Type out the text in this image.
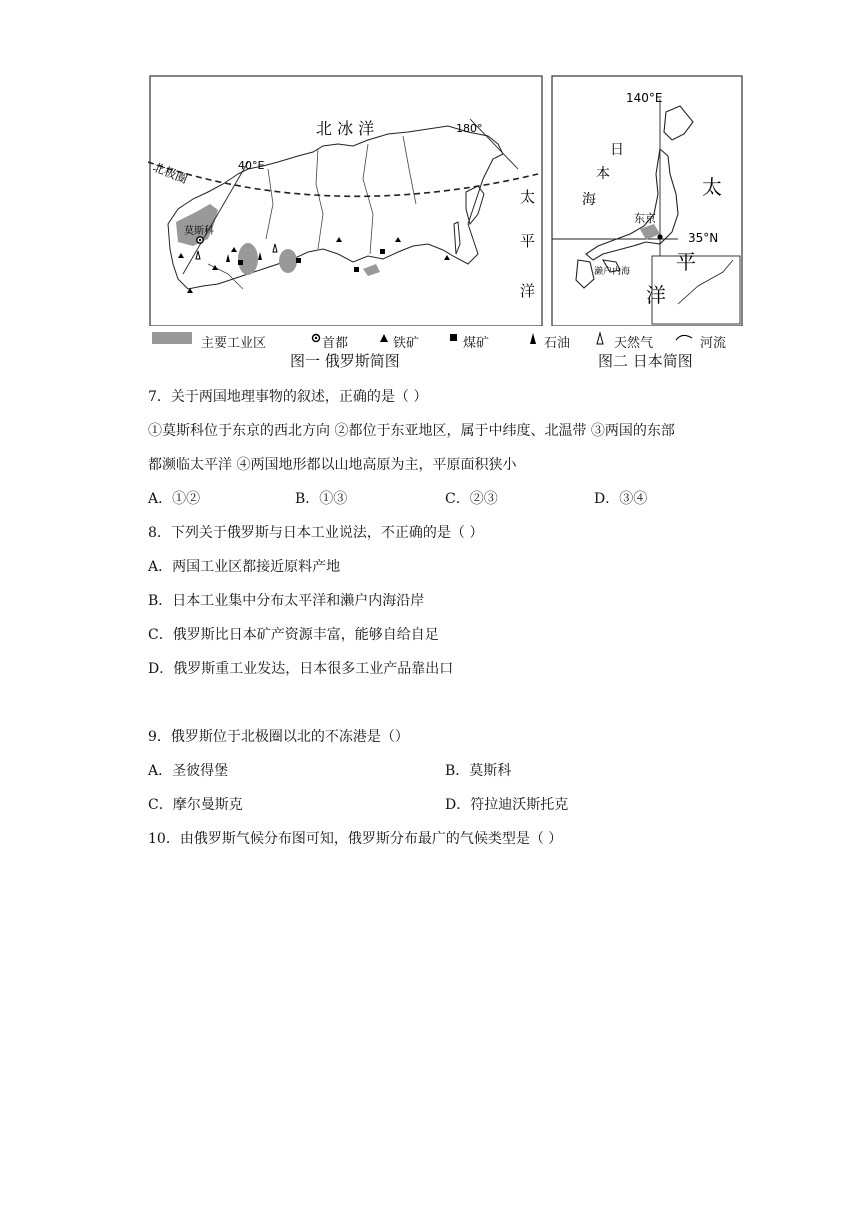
北 冰 洋
北极圈	40°E
180°
莫斯科
太
平
洋
140°E
35°N
日
本
海
太
平
洋
东京
濑户内海
主要工业区	首都	铁矿	煤矿	石油	天然气	河流
图一 俄罗斯简图	图二 日本简图
7．关于两国地理事物的叙述，正确的是（ ）
①莫斯科位于东京的西北方向 ②都位于东亚地区，属于中纬度、北温带 ③两国的东部
都濒临太平洋 ④两国地形都以山地高原为主，平原面积狭小
A．①②	B．①③	C．②③	D．③④
8．下列关于俄罗斯与日本工业说法，不正确的是（ ）
A．两国工业区都接近原料产地
B．日本工业集中分布太平洋和濑户内海沿岸
C．俄罗斯比日本矿产资源丰富，能够自给自足
D．俄罗斯重工业发达，日本很多工业产品靠出口
9．俄罗斯位于北极圈以北的不冻港是（）
A．圣彼得堡	B．莫斯科
C．摩尔曼斯克	D．符拉迪沃斯托克
10．由俄罗斯气候分布图可知，俄罗斯分布最广的气候类型是（ ）
